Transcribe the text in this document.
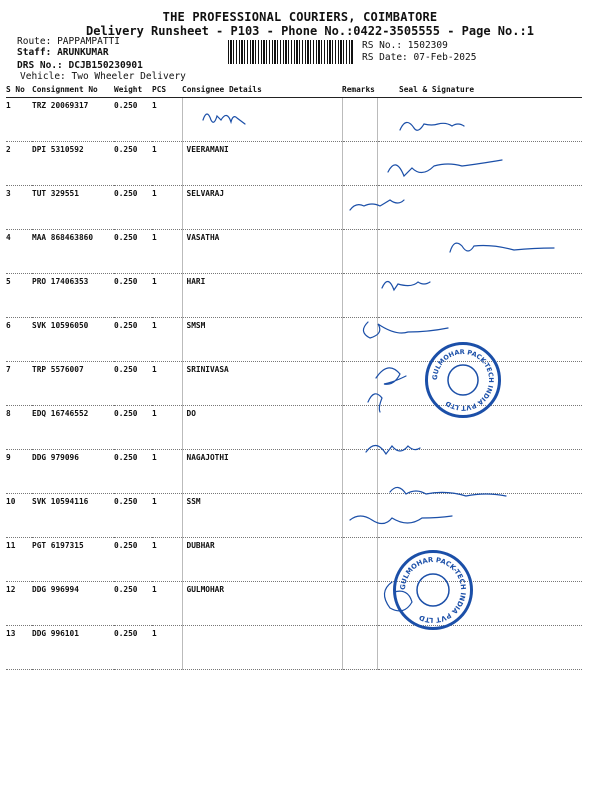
THE PROFESSIONAL COURIERS, COIMBATORE
Delivery Runsheet - P103 - Phone No.:0422-3505555 - Page No.:1
Route: PAPPAMPATTI
Staff: ARUNKUMAR
DRS No.: DCJB150230901
Vehicle: Two Wheeler Delivery
RS No.: 1502309
RS Date: 07-Feb-2025
S No	Consignment No	Weight	PCS	Consignee Details	Remarks	Seal & Signature
1	TRZ 20069317	0.250	1			
2	DPI 5310592	0.250	1	VEERAMANI		
3	TUT 329551	0.250	1	SELVARAJ		
4	MAA 868463860	0.250	1	VASATHA		
5	PRO 17406353	0.250	1	HARI		
6	SVK 10596050	0.250	1	SMSM		
7	TRP 5576007	0.250	1	SRINIVASA		
8	EDQ 16746552	0.250	1	DO		
9	DDG 979096	0.250	1	NAGAJOTHI		
10	SVK 10594116	0.250	1	SSM		
11	PGT 6197315	0.250	1	DUBHAR		
12	DDG 996994	0.250	1	GULMOHAR		
13	DDG 996101	0.250	1			
GULMOHAR PACK-TECH INDIA PVT LTD
GULMOHAR PACK-TECH INDIA PVT LTD
